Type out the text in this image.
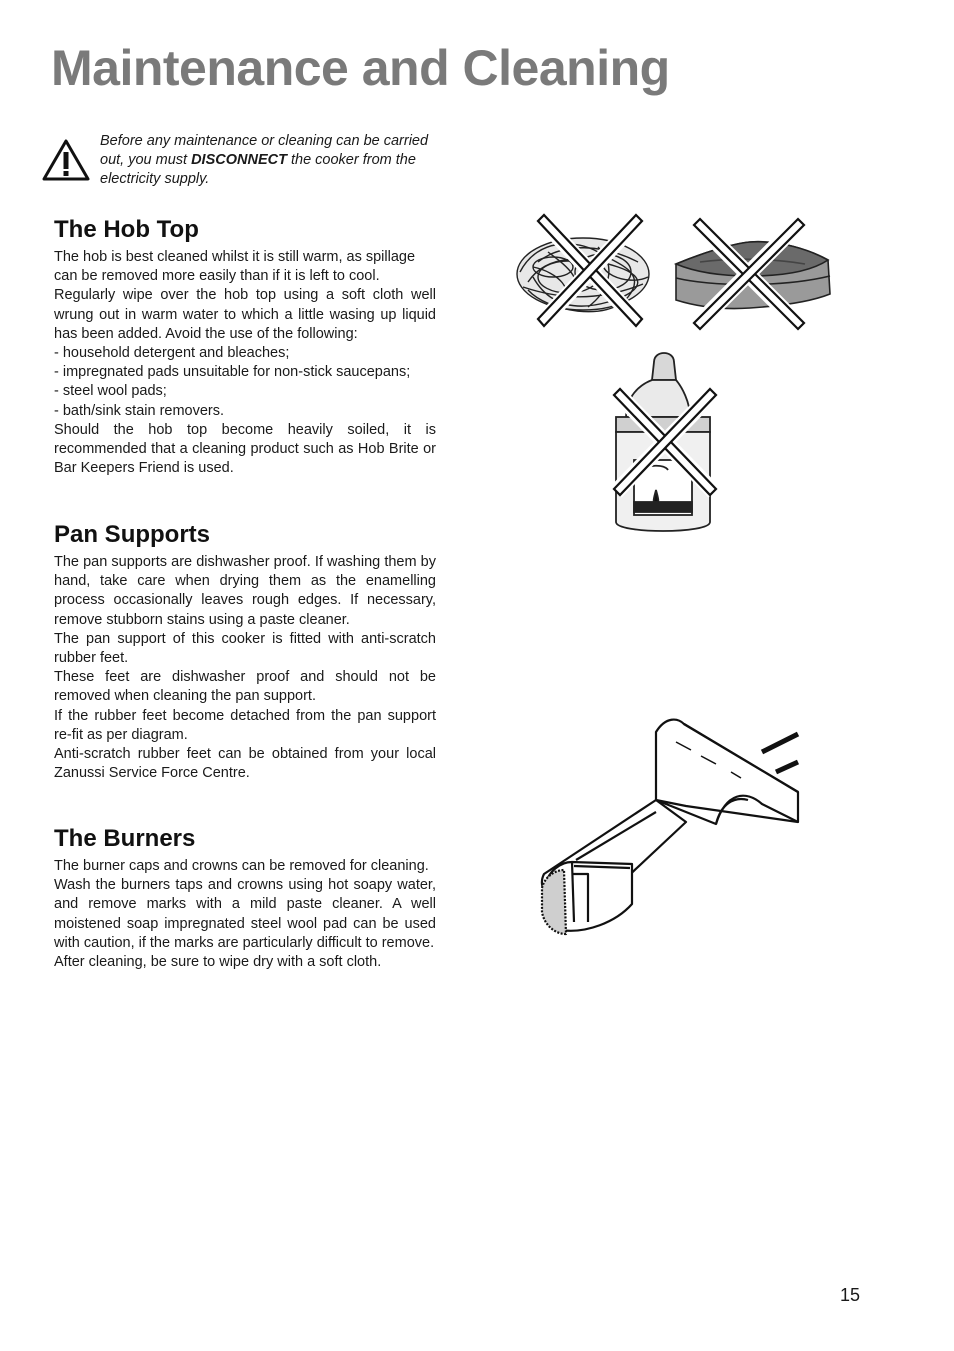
Maintenance and Cleaning
Before any maintenance or cleaning can be carried out, you must DISCONNECT the cooker from the electricity supply.
The Hob Top

The hob is best cleaned whilst it is still warm, as spillage can be removed more easily than if it is left to cool.

Regularly wipe over the hob top using a soft cloth well wrung out in warm water to which a little wasing up liquid has been added. Avoid the use of the following:

- household detergent and bleaches;

- impregnated pads unsuitable for non-stick saucepans;

- steel wool pads;

- bath/sink stain removers.

Should the hob top become heavily soiled, it is recommended that a cleaning product such as Hob Brite or Bar Keepers Friend is used.

Pan Supports

The pan supports are dishwasher proof. If washing them by hand, take care when drying them as the enamelling process occasionally leaves rough edges. If necessary, remove stubborn stains using a paste cleaner.

The pan support of this cooker is fitted with anti-scratch rubber feet.

These feet are dishwasher proof and should not be removed when cleaning the pan support.

If the rubber feet become detached from the pan support re-fit as per diagram.

Anti-scratch rubber feet can be obtained from your local Zanussi Service Force Centre.

The Burners

The burner caps and crowns can be removed for cleaning.

Wash the burners taps and crowns using hot soapy water, and remove marks with a mild paste cleaner. A well moistened soap impregnated steel wool pad can be used with caution, if the marks are particularly difficult to remove.

After cleaning, be sure to wipe dry with a soft cloth.

15
